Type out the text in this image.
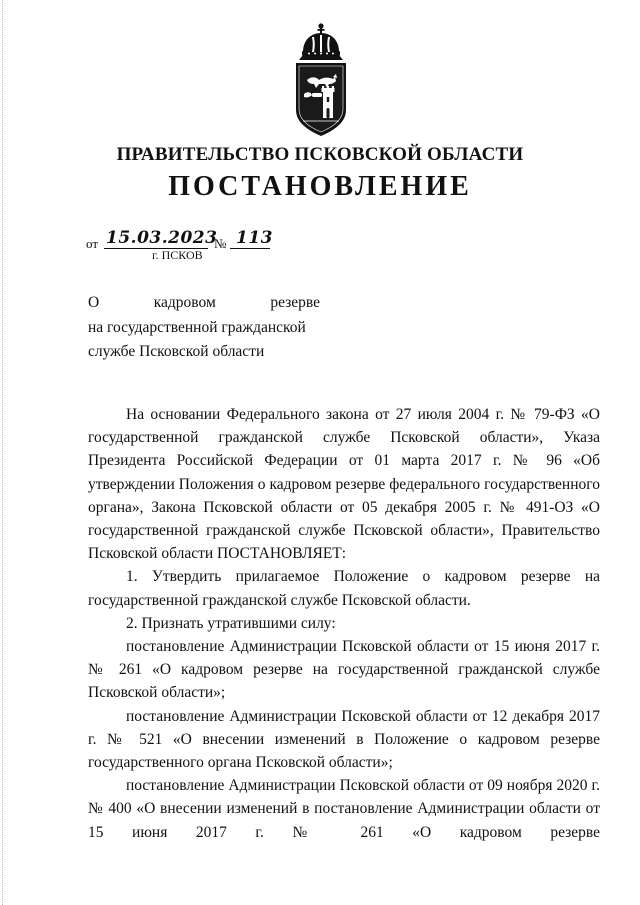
ПРАВИТЕЛЬСТВО ПСКОВСКОЙ ОБЛАСТИ
ПОСТАНОВЛЕНИЕ
от 15.03.2023
№ 113
г. ПСКОВ
О	кадровом	резерве
на государственной гражданской
службе Псковской области

На основании Федерального закона от 27 июля 2004 г. № 79-ФЗ «О государственной гражданской службе Псковской области», Указа Президента Российской Федерации от 01 марта 2017 г. № 96 «Об утверждении Положения о кадровом резерве федерального государственного органа», Закона Псковской области от 05 декабря 2005 г. № 491-ОЗ «О государственной гражданской службе Псковской области», Правительство Псковской области ПОСТАНОВЛЯЕТ:

1. Утвердить прилагаемое Положение о кадровом резерве на государственной гражданской службе Псковской области.

2. Признать утратившими силу:

постановление Администрации Псковской области от 15 июня 2017 г. № 261 «О кадровом резерве на государственной гражданской службе Псковской области»;

постановление Администрации Псковской области от 12 декабря 2017 г. № 521 «О внесении изменений в Положение о кадровом резерве государственного органа Псковской области»;

постановление Администрации Псковской области от 09 ноября 2020 г. № 400 «О внесении изменений в постановление Администрации области от 15 июня 2017 г. № 261 «О кадровом резерве
